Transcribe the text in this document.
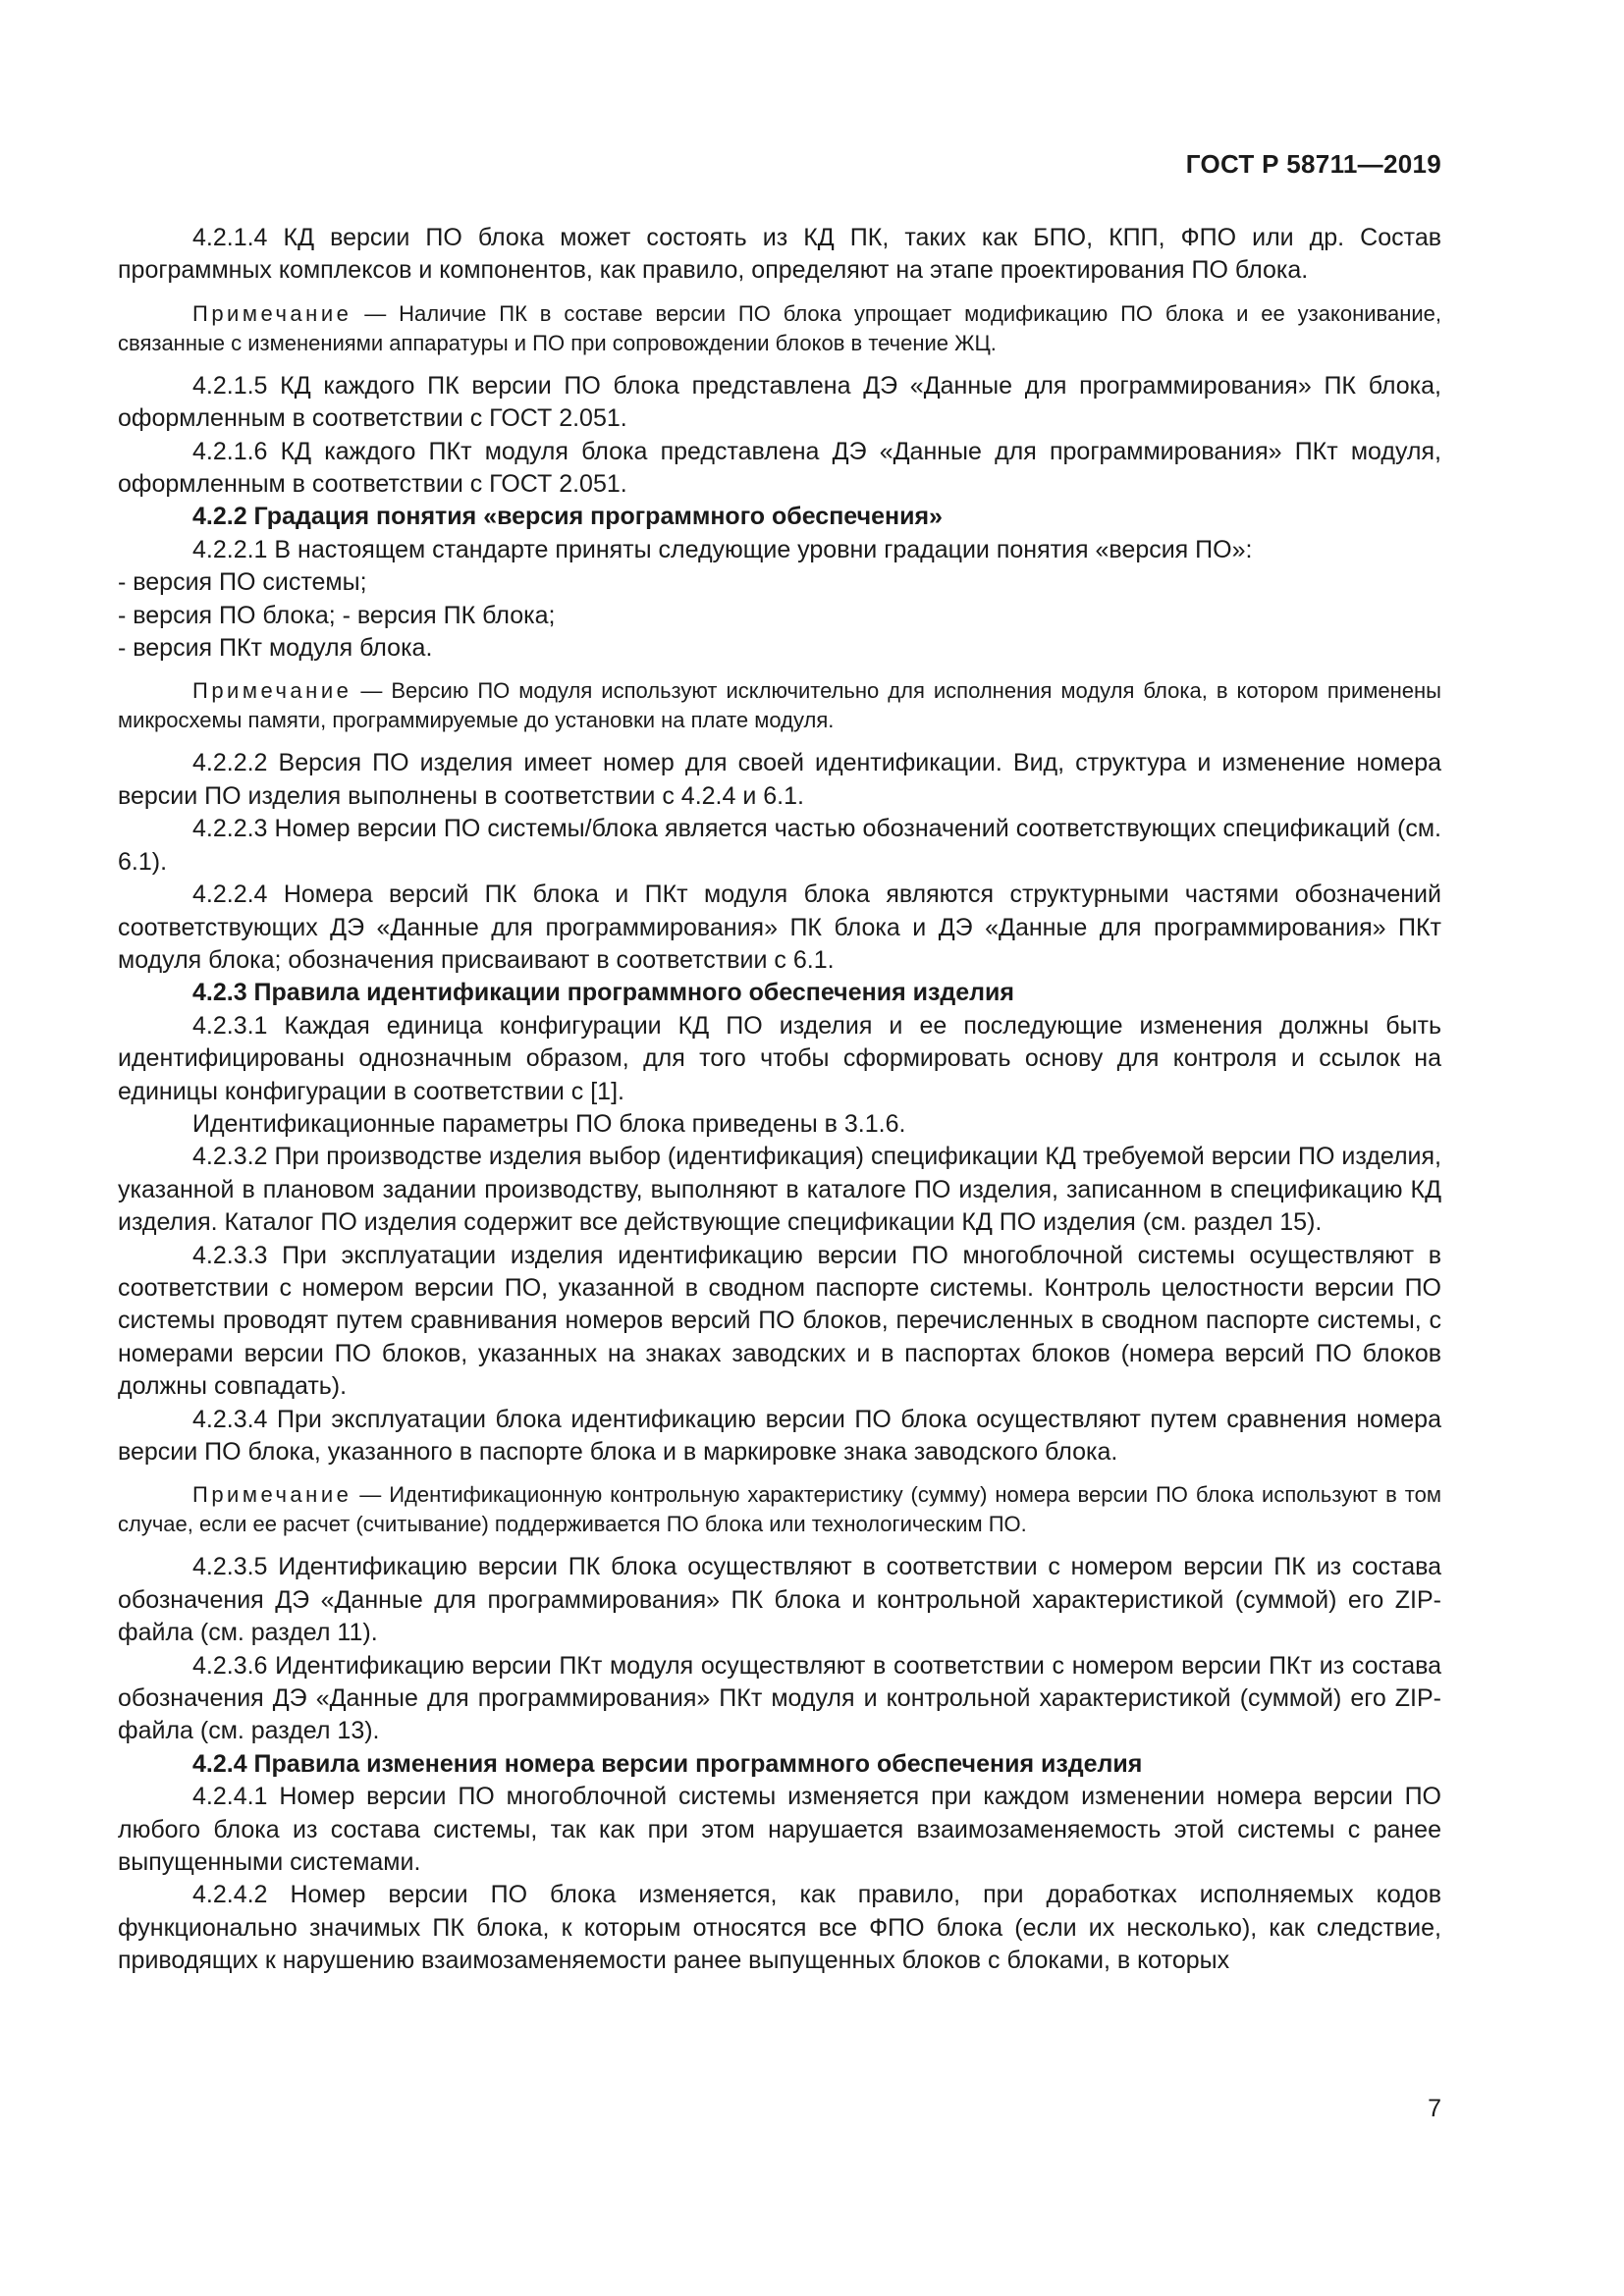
ГОСТ Р 58711—2019

4.2.1.4 КД версии ПО блока может состоять из КД ПК, таких как БПО, КПП, ФПО или др. Состав программных комплексов и компонентов, как правило, определяют на этапе проектирования ПО блока.

Примечание — Наличие ПК в составе версии ПО блока упрощает модификацию ПО блока и ее узаконивание, связанные с изменениями аппаратуры и ПО при сопровождении блоков в течение ЖЦ.

4.2.1.5 КД каждого ПК версии ПО блока представлена ДЭ «Данные для программирования» ПК блока, оформленным в соответствии с ГОСТ 2.051.

4.2.1.6 КД каждого ПКт модуля блока представлена ДЭ «Данные для программирования» ПКт модуля, оформленным в соответствии с ГОСТ 2.051.

4.2.2 Градация понятия «версия программного обеспечения»

4.2.2.1 В настоящем стандарте приняты следующие уровни градации понятия «версия ПО»:

- версия ПО системы;

- версия ПО блока; - версия ПК блока;

- версия ПКт модуля блока.

Примечание — Версию ПО модуля используют исключительно для исполнения модуля блока, в котором применены микросхемы памяти, программируемые до установки на плате модуля.

4.2.2.2 Версия ПО изделия имеет номер для своей идентификации. Вид, структура и изменение номера версии ПО изделия выполнены в соответствии с 4.2.4 и 6.1.

4.2.2.3 Номер версии ПО системы/блока является частью обозначений соответствующих спецификаций (см. 6.1).

4.2.2.4 Номера версий ПК блока и ПКт модуля блока являются структурными частями обозначений соответствующих ДЭ «Данные для программирования» ПК блока и ДЭ «Данные для программирования» ПКт модуля блока; обозначения присваивают в соответствии с 6.1.

4.2.3 Правила идентификации программного обеспечения изделия

4.2.3.1 Каждая единица конфигурации КД ПО изделия и ее последующие изменения должны быть идентифицированы однозначным образом, для того чтобы сформировать основу для контроля и ссылок на единицы конфигурации в соответствии с [1].

Идентификационные параметры ПО блока приведены в 3.1.6.

4.2.3.2 При производстве изделия выбор (идентификация) спецификации КД требуемой версии ПО изделия, указанной в плановом задании производству, выполняют в каталоге ПО изделия, записанном в спецификацию КД изделия. Каталог ПО изделия содержит все действующие спецификации КД ПО изделия (см. раздел 15).

4.2.3.3 При эксплуатации изделия идентификацию версии ПО многоблочной системы осуществляют в соответствии с номером версии ПО, указанной в сводном паспорте системы. Контроль целостности версии ПО системы проводят путем сравнивания номеров версий ПО блоков, перечисленных в сводном паспорте системы, с номерами версии ПО блоков, указанных на знаках заводских и в паспортах блоков (номера версий ПО блоков должны совпадать).

4.2.3.4 При эксплуатации блока идентификацию версии ПО блока осуществляют путем сравнения номера версии ПО блока, указанного в паспорте блока и в маркировке знака заводского блока.

Примечание — Идентификационную контрольную характеристику (сумму) номера версии ПО блока используют в том случае, если ее расчет (считывание) поддерживается ПО блока или технологическим ПО.

4.2.3.5 Идентификацию версии ПК блока осуществляют в соответствии с номером версии ПК из состава обозначения ДЭ «Данные для программирования» ПК блока и контрольной характеристикой (суммой) его ZIP-файла (см. раздел 11).

4.2.3.6 Идентификацию версии ПКт модуля осуществляют в соответствии с номером версии ПКт из состава обозначения ДЭ «Данные для программирования» ПКт модуля и контрольной характеристикой (суммой) его ZIP-файла (см. раздел 13).

4.2.4 Правила изменения номера версии программного обеспечения изделия

4.2.4.1 Номер версии ПО многоблочной системы изменяется при каждом изменении номера версии ПО любого блока из состава системы, так как при этом нарушается взаимозаменяемость этой системы с ранее выпущенными системами.

4.2.4.2 Номер версии ПО блока изменяется, как правило, при доработках исполняемых кодов функционально значимых ПК блока, к которым относятся все ФПО блока (если их несколько), как следствие, приводящих к нарушению взаимозаменяемости ранее выпущенных блоков с блоками, в которых

7
